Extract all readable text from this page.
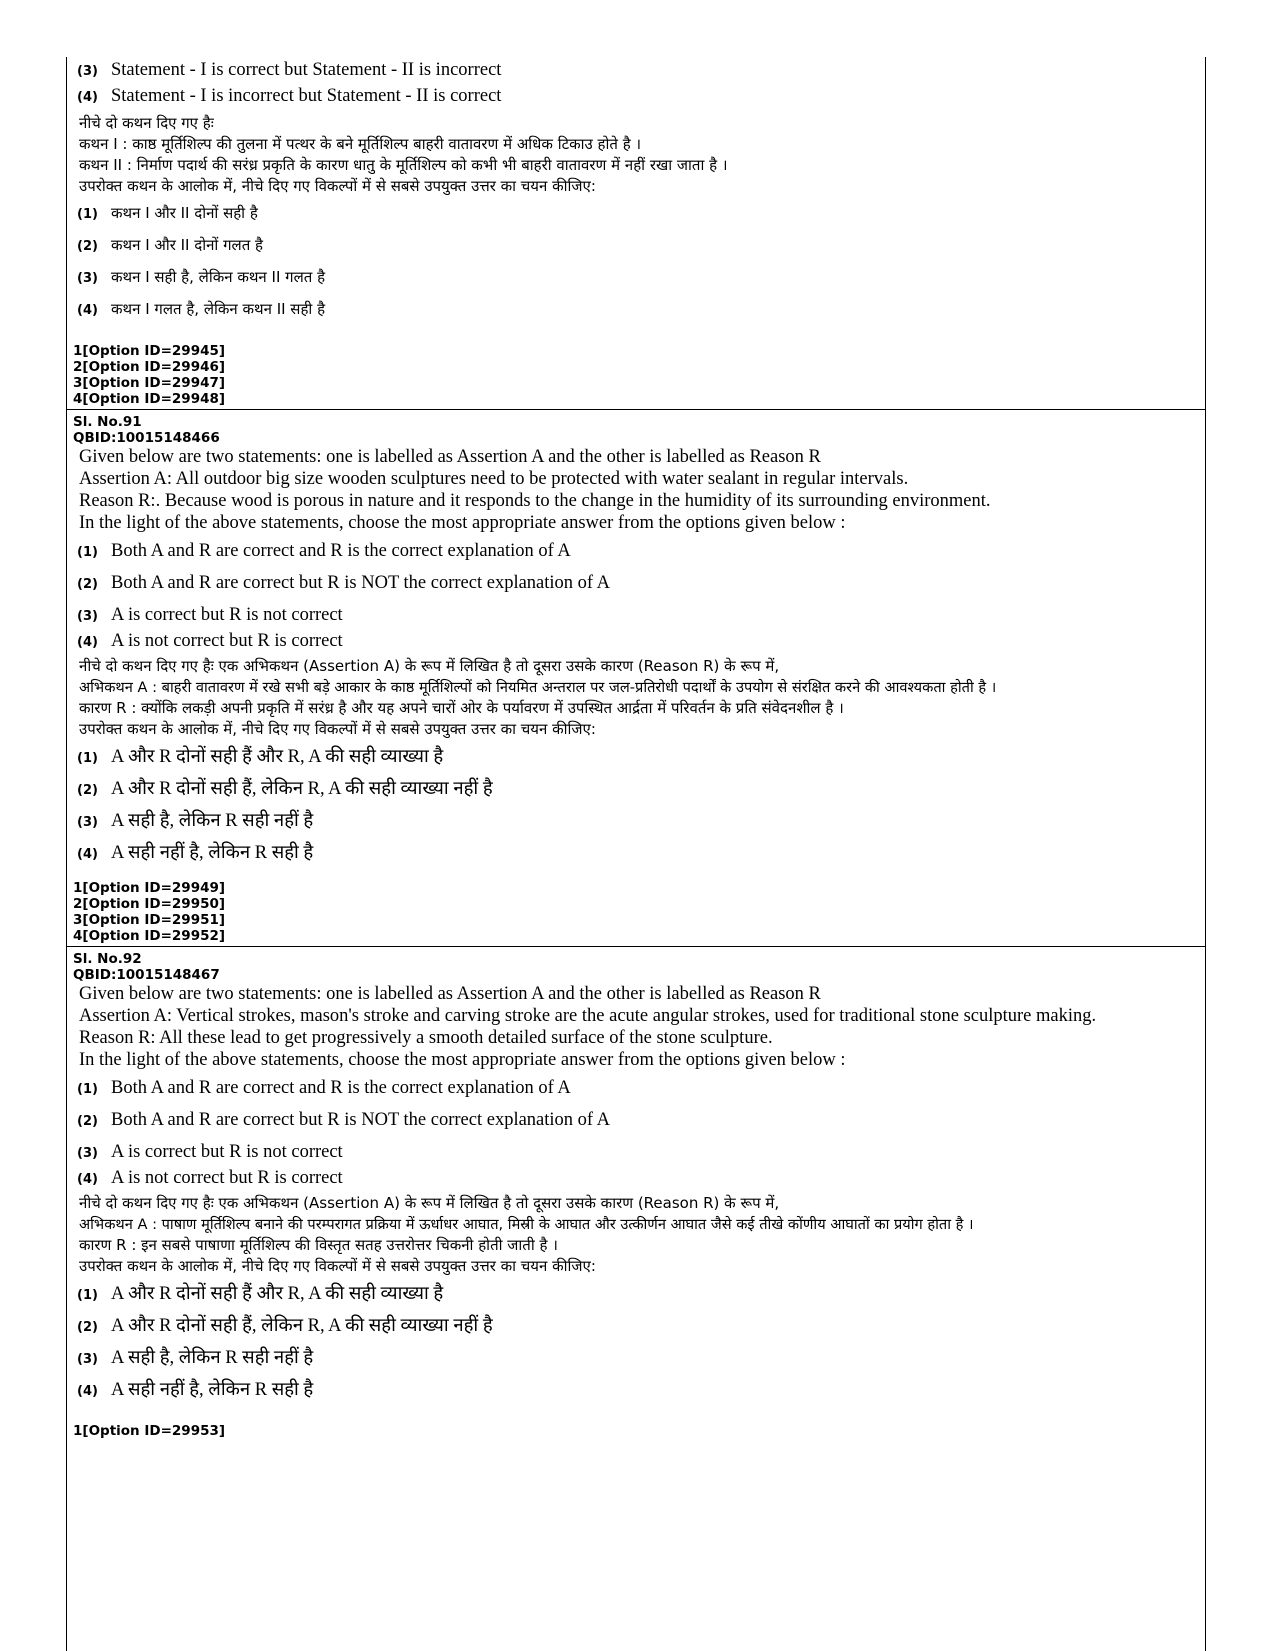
(3) Statement - I is correct but Statement - II is incorrect
(4) Statement - I is incorrect but Statement - II is correct

नीचे दो कथन दिए गए हैः

कथन I : काष्ठ मूर्तिशिल्प की तुलना में पत्थर के बने मूर्तिशिल्प बाहरी वातावरण में अधिक टिकाउ होते है ।

कथन II : निर्माण पदार्थ की सरंध्र प्रकृति के कारण धातु के मूर्तिशिल्प को कभी भी बाहरी वातावरण में नहीं रखा जाता है ।

उपरोक्त कथन के आलोक में, नीचे दिए गए विकल्पों में से सबसे उपयुक्त उत्तर का चयन कीजिए:

(1) कथन I और II दोनों सही है
(2) कथन I और II दोनों गलत है
(3) कथन I सही है, लेकिन कथन II गलत है
(4) कथन I गलत है, लेकिन कथन II सही है
1[Option ID=29945]
2[Option ID=29946]
3[Option ID=29947]
4[Option ID=29948]
Sl. No.91
QBID:10015148466

Given below are two statements: one is labelled as Assertion A and the other is labelled as Reason R

Assertion A: All outdoor big size wooden sculptures need to be protected with water sealant in regular intervals.

Reason R:. Because wood is porous in nature and it responds to the change in the humidity of its surrounding environment.

In the light of the above statements, choose the most appropriate answer from the options given below :

(1) Both A and R are correct and R is the correct explanation of A
(2) Both A and R are correct but R is NOT the correct explanation of A
(3) A is correct but R is not correct
(4) A is not correct but R is correct

नीचे दो कथन दिए गए हैः एक अभिकथन (Assertion A) के रूप में लिखित है तो दूसरा उसके कारण (Reason R) के रूप में,

अभिकथन A : बाहरी वातावरण में रखे सभी बड़े आकार के काष्ठ मूर्तिशिल्पों को नियमित अन्तराल पर जल-प्रतिरोधी पदार्थों के उपयोग से संरक्षित करने की आवश्यकता होती है ।

कारण R : क्योंकि लकड़ी अपनी प्रकृति में सरंध्र है और यह अपने चारों ओर के पर्यावरण में उपस्थित आर्द्रता में परिवर्तन के प्रति संवेदनशील है ।

उपरोक्त कथन के आलोक में, नीचे दिए गए विकल्पों में से सबसे उपयुक्त उत्तर का चयन कीजिए:

(1) A और R दोनों सही हैं और R, A की सही व्याख्या है
(2) A और R दोनों सही हैं, लेकिन R, A की सही व्याख्या नहीं है
(3) A सही है, लेकिन R सही नहीं है
(4) A सही नहीं है, लेकिन R सही है
1[Option ID=29949]
2[Option ID=29950]
3[Option ID=29951]
4[Option ID=29952]
Sl. No.92
QBID:10015148467

Given below are two statements: one is labelled as Assertion A and the other is labelled as Reason R

Assertion A: Vertical strokes, mason's stroke and carving stroke are the acute angular strokes, used for traditional stone sculpture making.

Reason R: All these lead to get progressively a smooth detailed surface of the stone sculpture.

In the light of the above statements, choose the most appropriate answer from the options given below :

(1) Both A and R are correct and R is the correct explanation of A
(2) Both A and R are correct but R is NOT the correct explanation of A
(3) A is correct but R is not correct
(4) A is not correct but R is correct

नीचे दो कथन दिए गए हैः एक अभिकथन (Assertion A) के रूप में लिखित है तो दूसरा उसके कारण (Reason R) के रूप में,

अभिकथन A : पाषाण मूर्तिशिल्प बनाने की परम्परागत प्रक्रिया में ऊर्धाधर आघात, मिस्री के आघात और उत्कीर्णन आघात जैसे कई तीखे कोंणीय आघातों का प्रयोग होता है ।

कारण R : इन सबसे पाषाणा मूर्तिशिल्प की विस्तृत सतह उत्तरोत्तर चिकनी होती जाती है ।

उपरोक्त कथन के आलोक में, नीचे दिए गए विकल्पों में से सबसे उपयुक्त उत्तर का चयन कीजिए:

(1) A और R दोनों सही हैं और R, A की सही व्याख्या है
(2) A और R दोनों सही हैं, लेकिन R, A की सही व्याख्या नहीं है
(3) A सही है, लेकिन R सही नहीं है
(4) A सही नहीं है, लेकिन R सही है
1[Option ID=29953]
